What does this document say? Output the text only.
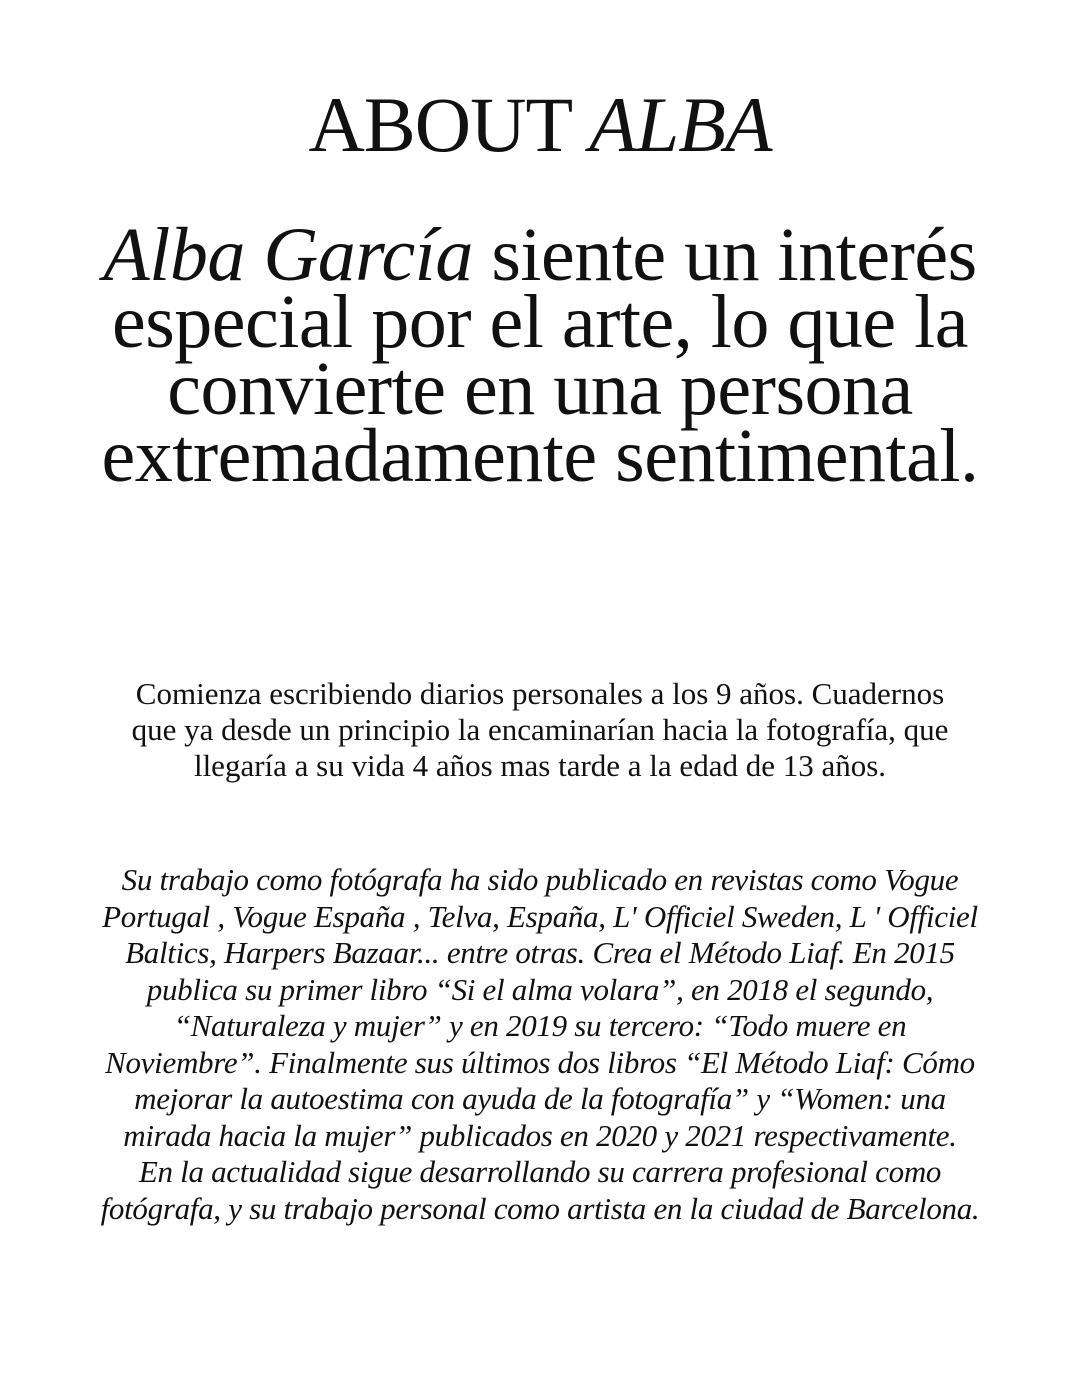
ABOUT ALBA

Alba García siente un interés especial por el arte, lo que la convierte en una persona extremadamente sentimental.

Comienza escribiendo diarios personales a los 9 años. Cuadernos que ya desde un principio la encaminarían hacia la fotografía, que llegaría a su vida 4 años mas tarde a la edad de 13 años.

Su trabajo como fotógrafa ha sido publicado en revistas como Vogue Portugal , Vogue España , Telva, España, L' Officiel Sweden, L ' Officiel Baltics, Harpers Bazaar... entre otras. Crea el Método Liaf. En 2015 publica su primer libro “Si el alma volara”, en 2018 el segundo, “Naturaleza y mujer” y en 2019 su tercero: “Todo muere en Noviembre”. Finalmente sus últimos dos libros “El Método Liaf: Cómo mejorar la autoestima con ayuda de la fotografía” y “Women: una mirada hacia la mujer” publicados en 2020 y 2021 respectivamente.
En la actualidad sigue desarrollando su carrera profesional como fotógrafa, y su trabajo personal como artista en la ciudad de Barcelona.
